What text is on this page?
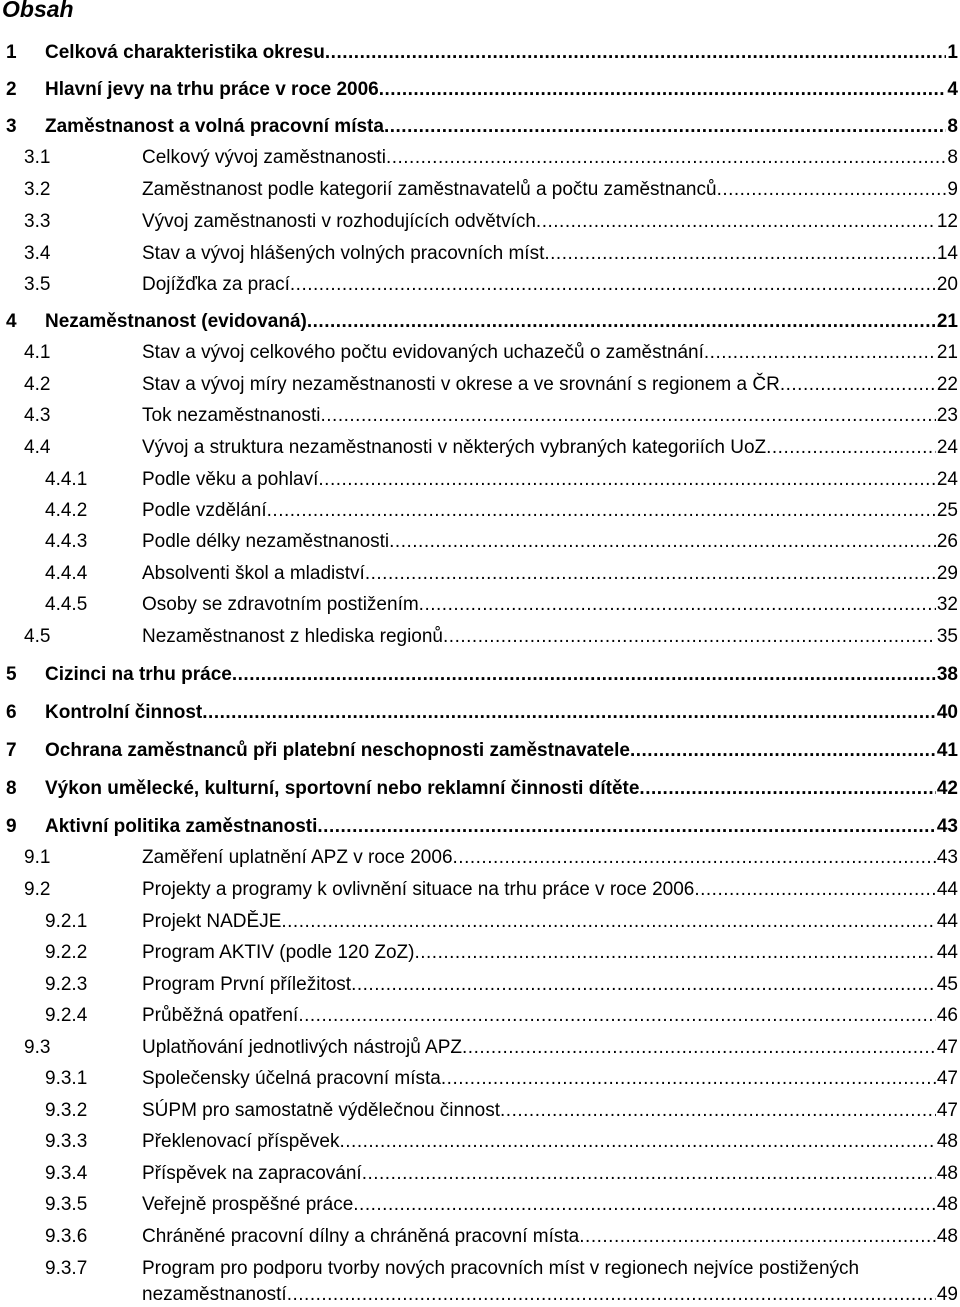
Obsah
1 Celková charakteristika okresu .....	1
2 Hlavní jevy na trhu práce v roce 2006 .....	4
3 Zaměstnanost a volná pracovní místa .....	8
3.1	Celkový vývoj zaměstnanosti .....	8
3.2	Zaměstnanost podle kategorií zaměstnavatelů a počtu zaměstnanců .....	9
3.3	Vývoj zaměstnanosti v rozhodujících odvětvích .....	12
3.4	Stav a vývoj hlášených volných pracovních míst .....	14
3.5	Dojížďka za prací .....	20
4 Nezaměstnanost (evidovaná) .....	21
4.1	Stav a vývoj celkového počtu evidovaných uchazečů o zaměstnání .....	21
4.2	Stav a vývoj míry nezaměstnanosti v okrese a ve srovnání s regionem a ČR .....	22
4.3	Tok nezaměstnanosti .....	23
4.4	Vývoj a struktura nezaměstnanosti v některých vybraných kategoriích UoZ .....	24
4.4.1	Podle věku a pohlaví .....	24
4.4.2	Podle vzdělání .....	25
4.4.3	Podle délky nezaměstnanosti .....	26
4.4.4	Absolventi škol a mladiství .....	29
4.4.5	Osoby se zdravotním postižením .....	32
4.5	Nezaměstnanost z hlediska regionů .....	35
5 Cizinci na trhu práce .....	38
6 Kontrolní činnost .....	40
7 Ochrana zaměstnanců při platební neschopnosti zaměstnavatele .....	41
8 Výkon umělecké, kulturní, sportovní nebo reklamní činnosti dítěte .....	42
9 Aktivní politika zaměstnanosti .....	43
9.1	Zaměření uplatnění APZ v roce 2006 .....	43
9.2	Projekty a programy k ovlivnění situace na trhu práce v roce 2006 .....	44
9.2.1	Projekt NADĚJE .....	44
9.2.2	Program AKTIV (podle 120 ZoZ) .....	44
9.2.3	Program První příležitost .....	45
9.2.4	Průběžná opatření .....	46
9.3	Uplatňování jednotlivých nástrojů APZ .....	47
9.3.1	Společensky účelná pracovní místa .....	47
9.3.2	SÚPM pro samostatně výdělečnou činnost .....	47
9.3.3	Překlenovací příspěvek .....	48
9.3.4	Příspěvek na zapracování .....	48
9.3.5	Veřejně prospěšné práce .....	48
9.3.6	Chráněné pracovní dílny a chráněná pracovní místa .....	48
9.3.7	Program pro podporu tvorby nových pracovních míst v regionech nejvíce postižených
nezaměstnaností .....	49
